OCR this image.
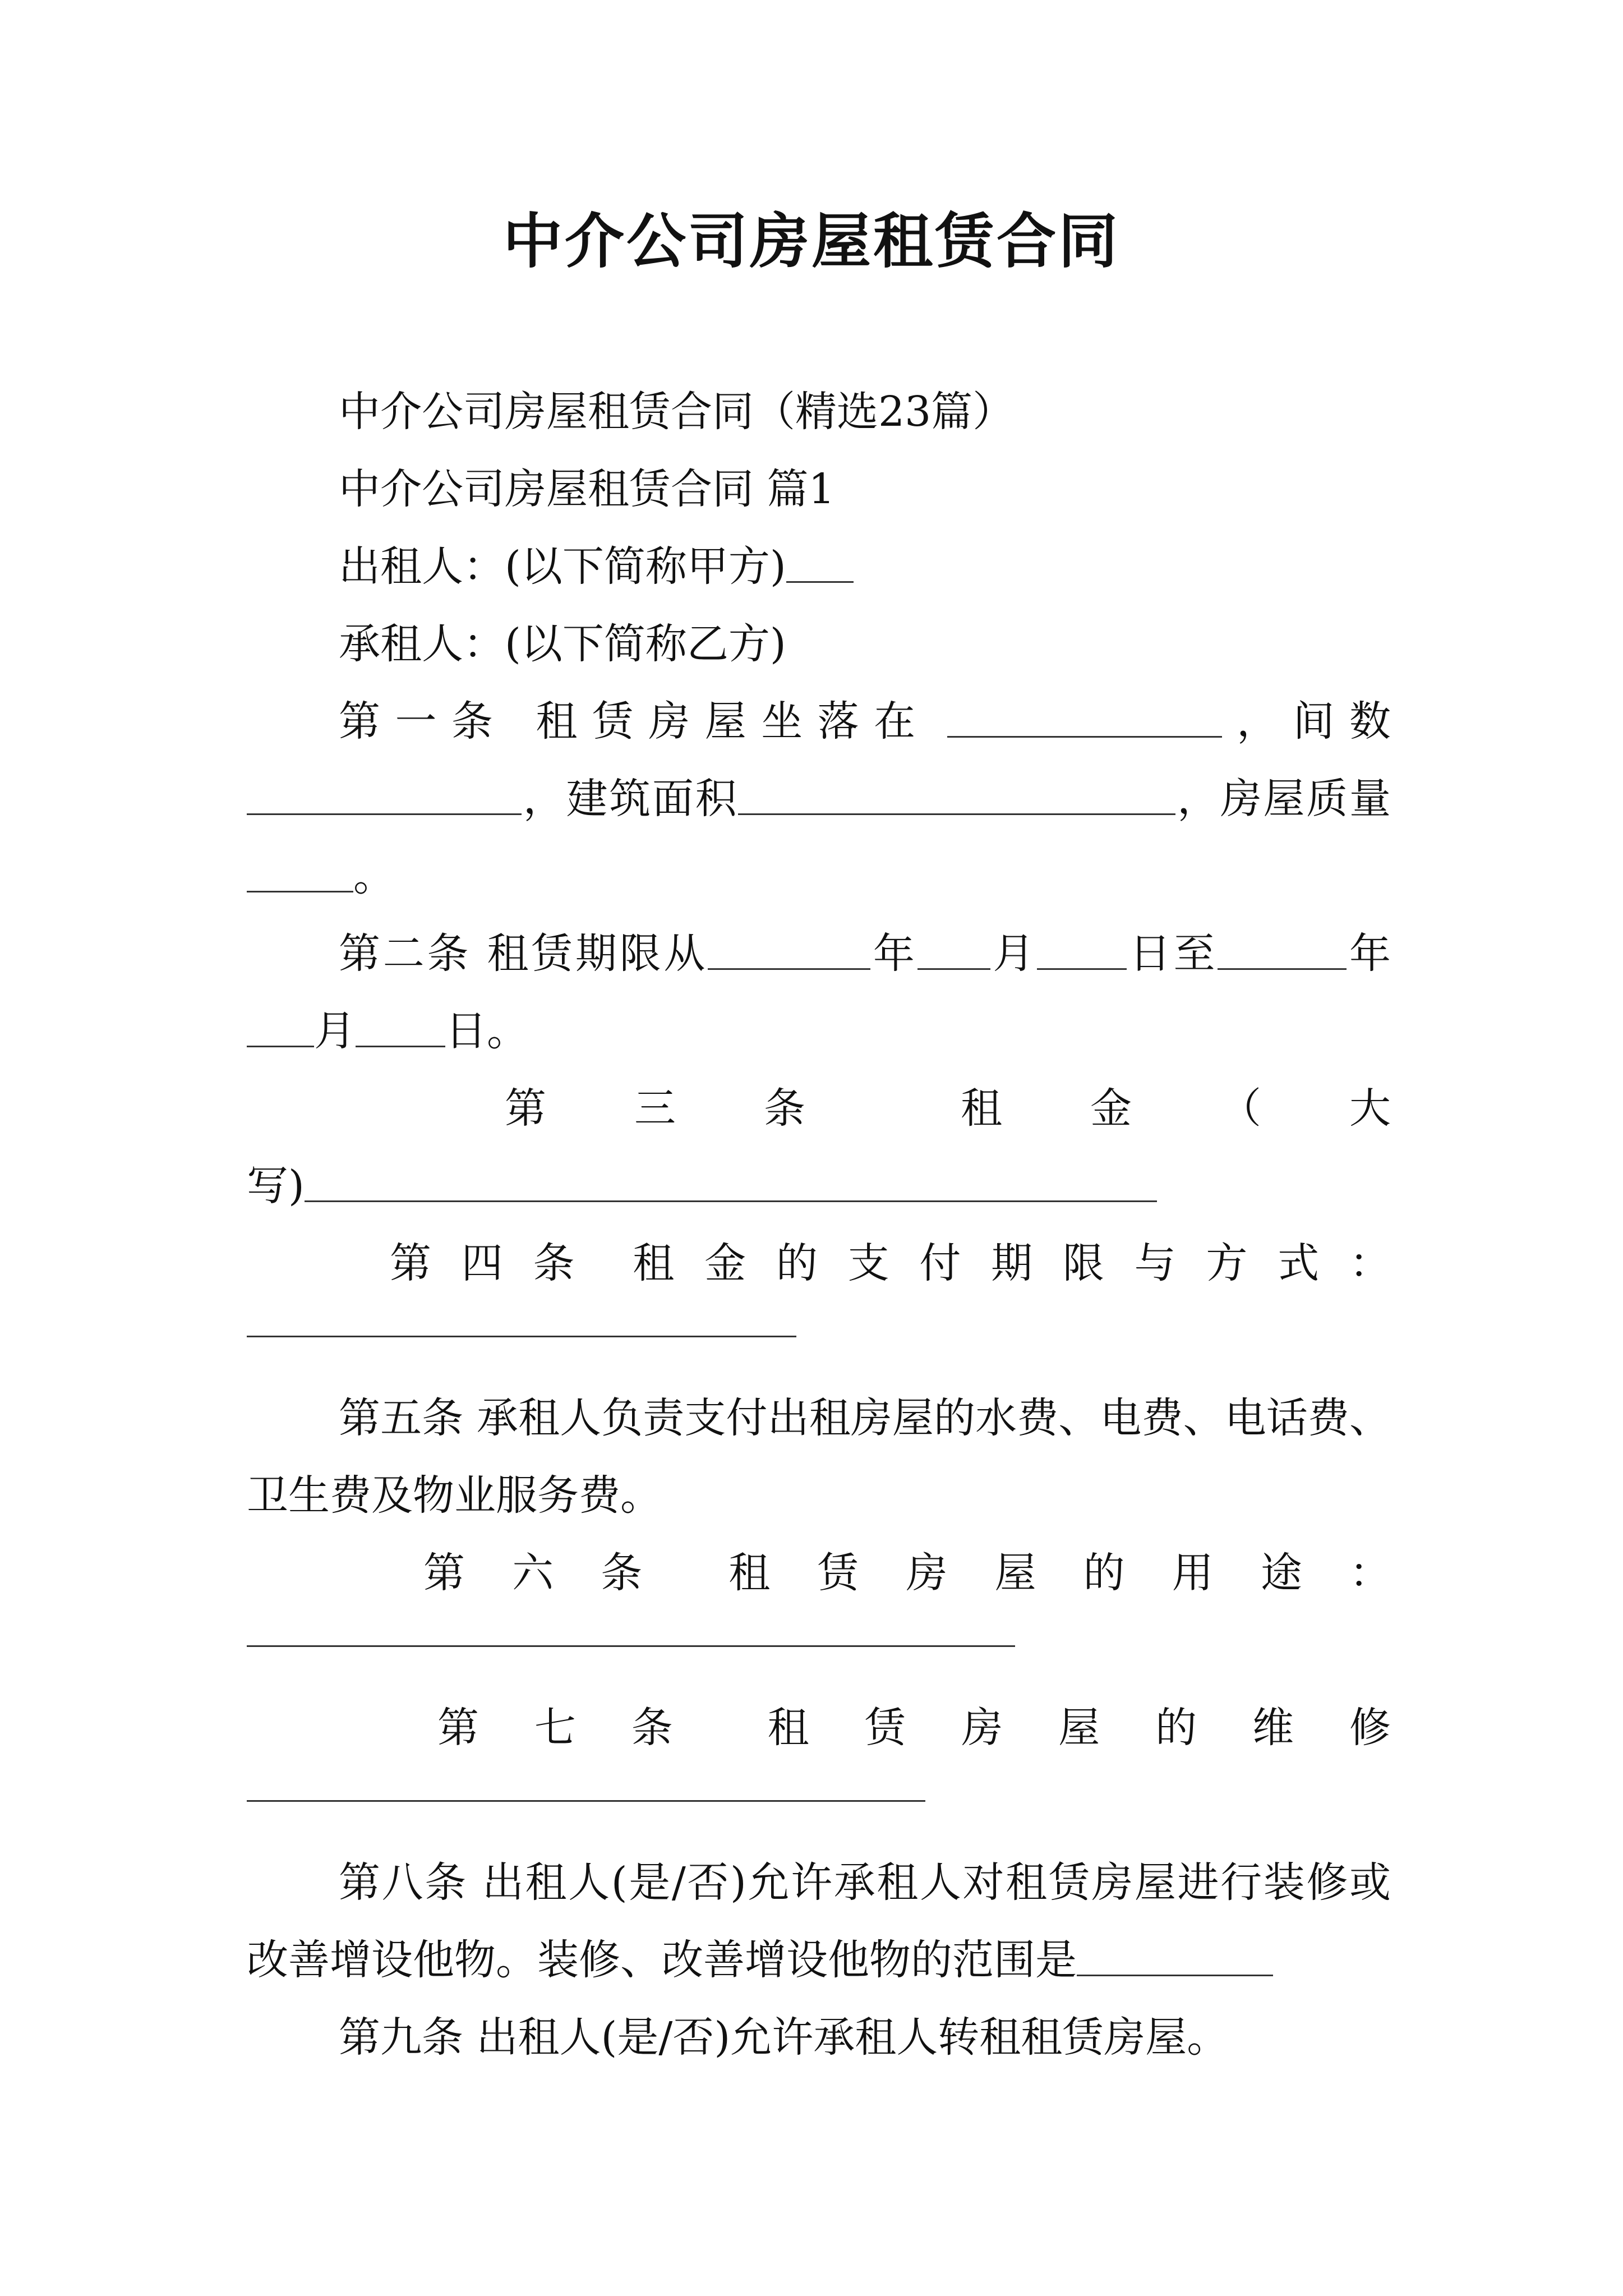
中介公司房屋租赁合同

中介公司房屋租赁合同（精选23篇）

中介公司房屋租赁合同 篇1

出租人：(以下简称甲方)

承租人：(以下简称乙方)

第一条 租赁房屋坐落在	，间数，建筑面积	，房屋质量。

第二条 租赁期限从	年 月 日至	年月 日。

第 三 条	租 金 （ 大

写)

第 四 条 租 金 的 支 付 期 限 与 方 式 ：

第五条 承租人负责支付出租房屋的水费、电费、电话费、卫生费及物业服务费。

第 六 条 租 赁 房 屋 的 用 途 ：
第 七 条 租 赁 房 屋 的 维 修

第八条 出租人(是/否)允许承租人对租赁房屋进行装修或改善增设他物。装修、改善增设他物的范围是

第九条 出租人(是/否)允许承租人转租租赁房屋。
